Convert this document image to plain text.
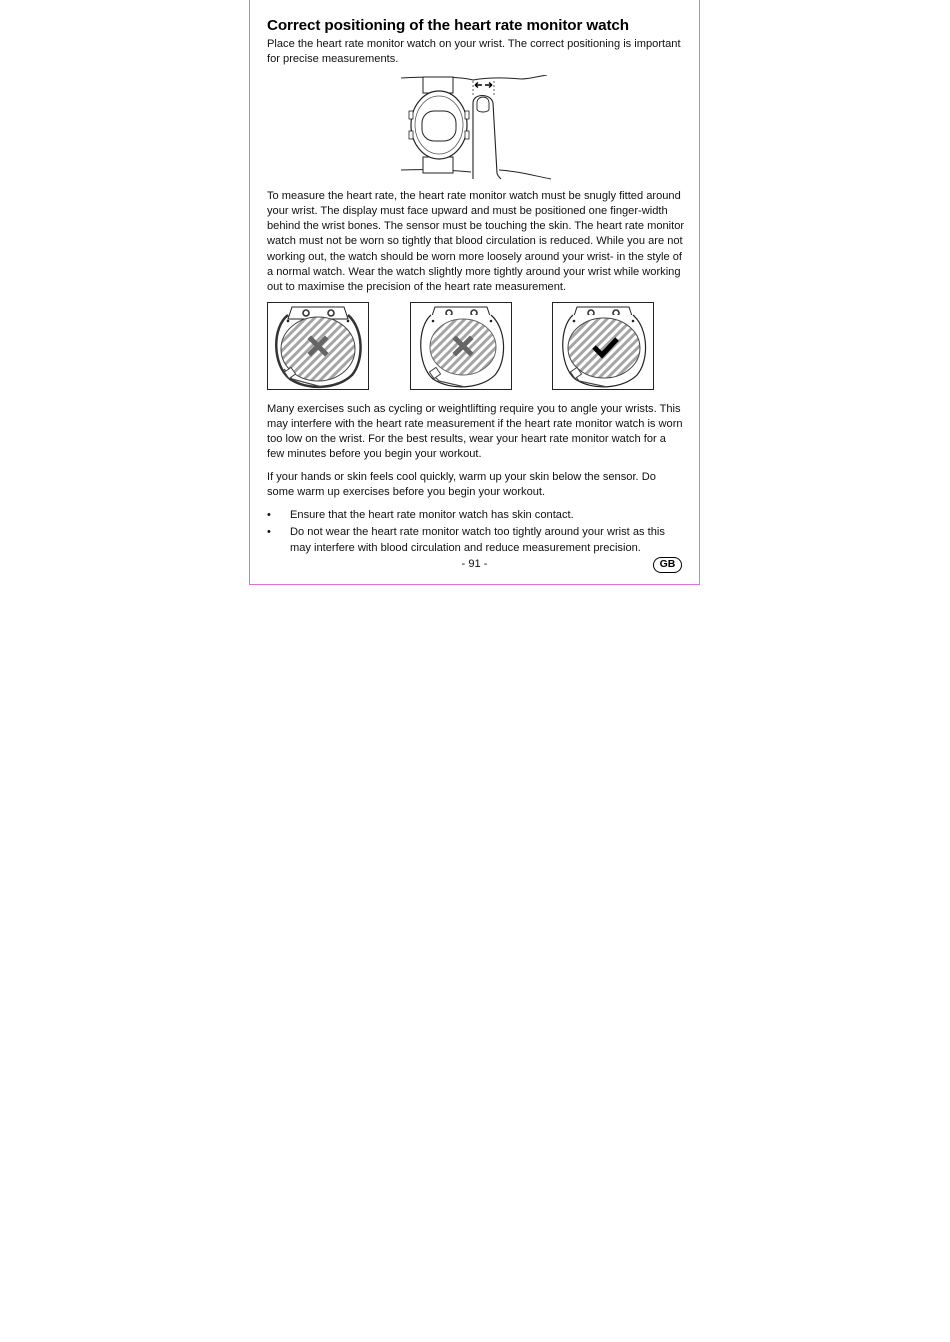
Correct positioning of the heart rate monitor watch

Place the heart rate monitor watch on your wrist. The correct positioning is important for precise measurements.

To measure the heart rate, the heart rate monitor watch must be snugly fitted around your wrist. The display must face upward and must be positioned one finger-width behind the wrist bones. The sensor must be touching the skin. The heart rate monitor watch must not be worn so tightly that blood circulation is reduced. While you are not working out, the watch should be worn more loosely around your wrist- in the style of a normal watch. Wear the watch slightly more tightly around your wrist while working out to maximise the precision of the heart rate measurement.

Many exercises such as cycling or weightlifting require you to angle your wrists. This may interfere with the heart rate measurement if the heart rate monitor watch is worn too low on the wrist. For the best results, wear your heart rate monitor watch for a few minutes before you begin your workout.

If your hands or skin feels cool quickly, warm up your skin below the sensor. Do some warm up exercises before you begin your workout.

• Ensure that the heart rate monitor watch has skin contact.
• Do not wear the heart rate monitor watch too tightly around your wrist as this may interfere with blood circulation and reduce measurement precision.
- 91 -	GB
